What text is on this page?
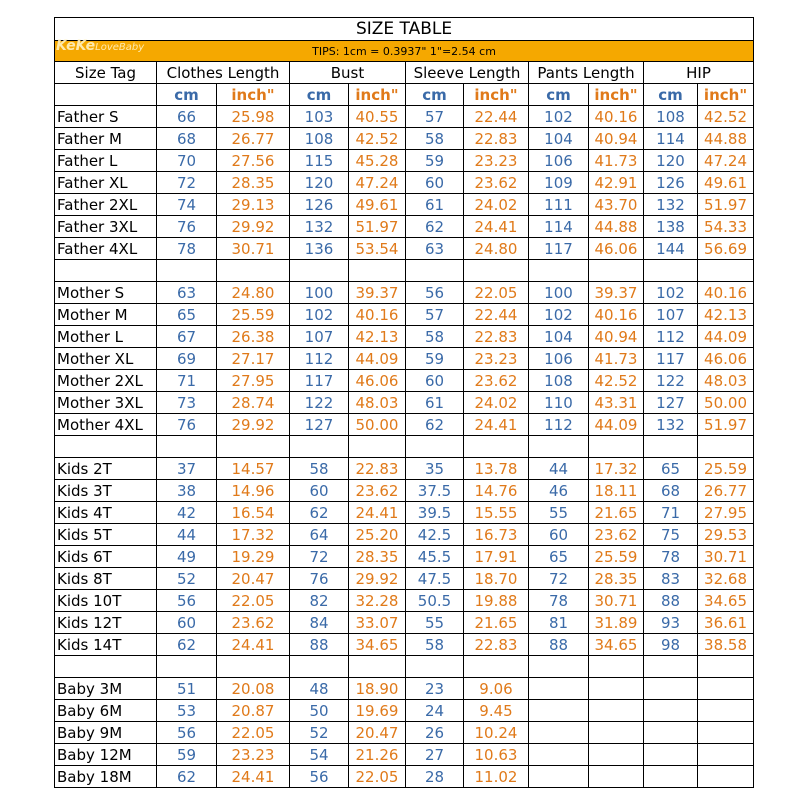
SIZE TABLE										
TIPS: 1cm = 0.3937" 1"=2.54 cm										
Size Tag	Clothes Length		Bust		Sleeve Length		Pants Length		HIP	
	cm	inch"	cm	inch"	cm	inch"	cm	inch"	cm	inch"
Father S	66	25.98	103	40.55	57	22.44	102	40.16	108	42.52
Father M	68	26.77	108	42.52	58	22.83	104	40.94	114	44.88
Father L	70	27.56	115	45.28	59	23.23	106	41.73	120	47.24
Father XL	72	28.35	120	47.24	60	23.62	109	42.91	126	49.61
Father 2XL	74	29.13	126	49.61	61	24.02	111	43.70	132	51.97
Father 3XL	76	29.92	132	51.97	62	24.41	114	44.88	138	54.33
Father 4XL	78	30.71	136	53.54	63	24.80	117	46.06	144	56.69

Mother S	63	24.80	100	39.37	56	22.05	100	39.37	102	40.16
Mother M	65	25.59	102	40.16	57	22.44	102	40.16	107	42.13
Mother L	67	26.38	107	42.13	58	22.83	104	40.94	112	44.09
Mother XL	69	27.17	112	44.09	59	23.23	106	41.73	117	46.06
Mother 2XL	71	27.95	117	46.06	60	23.62	108	42.52	122	48.03
Mother 3XL	73	28.74	122	48.03	61	24.02	110	43.31	127	50.00
Mother 4XL	76	29.92	127	50.00	62	24.41	112	44.09	132	51.97

Kids 2T	37	14.57	58	22.83	35	13.78	44	17.32	65	25.59
Kids 3T	38	14.96	60	23.62	37.5	14.76	46	18.11	68	26.77
Kids 4T	42	16.54	62	24.41	39.5	15.55	55	21.65	71	27.95
Kids 5T	44	17.32	64	25.20	42.5	16.73	60	23.62	75	29.53
Kids 6T	49	19.29	72	28.35	45.5	17.91	65	25.59	78	30.71
Kids 8T	52	20.47	76	29.92	47.5	18.70	72	28.35	83	32.68
Kids 10T	56	22.05	82	32.28	50.5	19.88	78	30.71	88	34.65
Kids 12T	60	23.62	84	33.07	55	21.65	81	31.89	93	36.61
Kids 14T	62	24.41	88	34.65	58	22.83	88	34.65	98	38.58

Baby 3M	51	20.08	48	18.90	23	9.06				
Baby 6M	53	20.87	50	19.69	24	9.45				
Baby 9M	56	22.05	52	20.47	26	10.24				
Baby 12M	59	23.23	54	21.26	27	10.63				
Baby 18M	62	24.41	56	22.05	28	11.02				
KeKeLoveBaby
